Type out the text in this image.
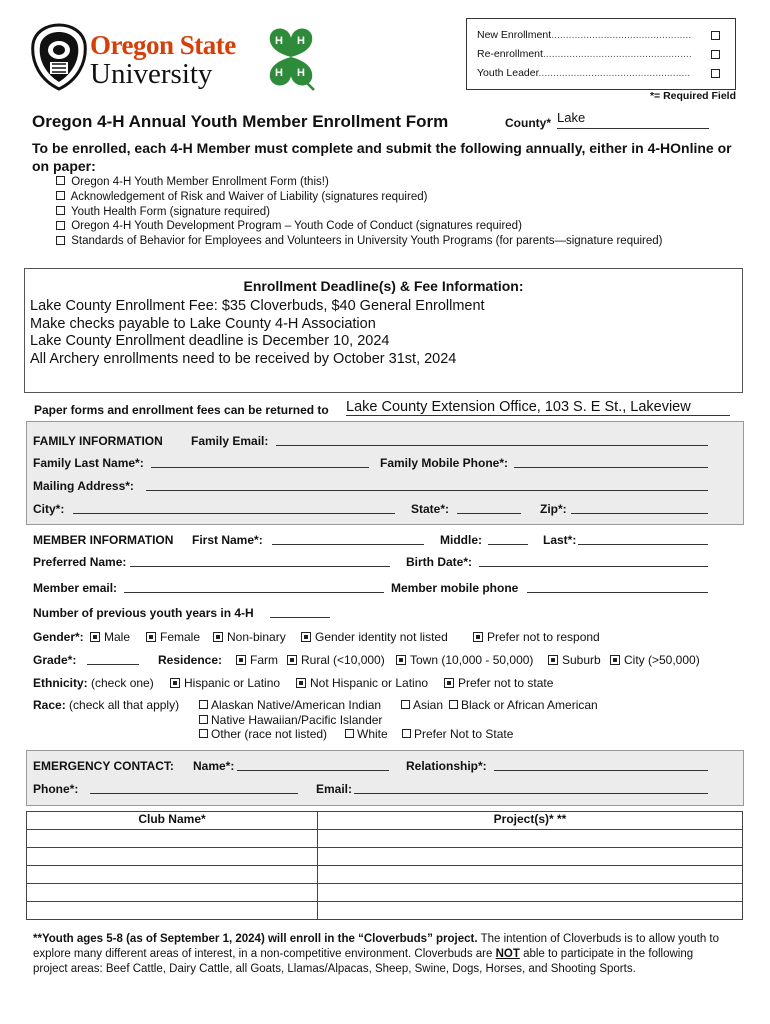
Oregon State
University
H H
H H
New Enrollment................................................
Re-enrollment...................................................
Youth Leader....................................................
*= Required Field
Oregon 4-H Annual Youth Member Enrollment Form	County* Lake
To be enrolled, each 4-H Member must complete and submit the following annually, either in 4-HOnline or on paper:
Oregon 4-H Youth Member Enrollment Form (this!)
Acknowledgement of Risk and Waiver of Liability (signatures required)
Youth Health Form (signature required)
Oregon 4-H Youth Development Program – Youth Code of Conduct (signatures required)
Standards of Behavior for Employees and Volunteers in University Youth Programs (for parents—signature required)
Enrollment Deadline(s) & Fee Information:
Lake County Enrollment Fee: $35 Cloverbuds, $40 General Enrollment
Make checks payable to Lake County 4-H Association
Lake County Enrollment deadline is December 10, 2024
All Archery enrollments need to be received by October 31st, 2024
Paper forms and enrollment fees can be returned to Lake County Extension Office, 103 S. E St., Lakeview
FAMILY INFORMATION Family Email:
Family Last Name*:	Family Mobile Phone*:
Mailing Address*:
City*:	State*:	Zip*:
MEMBER INFORMATION First Name*:	Middle:	Last*:
Preferred Name:	Birth Date*:
Member email:	Member mobile phone
Number of previous youth years in 4-H
Gender*:	Male	Female	Non-binary	Gender identity not listed	Prefer not to respond
Grade*:	Residence:	Farm	Rural (<10,000)	Town (10,000 - 50,000)	Suburb	City (>50,000)
Ethnicity: (check one)	Hispanic or Latino	Not Hispanic or Latino	Prefer not to state
Race: (check all that apply)	Alaskan Native/American Indian	Asian	Black or African American
Native Hawaiian/Pacific Islander
Other (race not listed)	White	Prefer Not to State
EMERGENCY CONTACT: Name*:	Relationship*:
Phone*:	Email:
Club Name*	Project(s)* **

**Youth ages 5-8 (as of September 1, 2024) will enroll in the “Cloverbuds” project. The intention of Cloverbuds is to allow youth to explore many different areas of interest, in a non-competitive environment. Cloverbuds are NOT able to participate in the following project areas: Beef Cattle, Dairy Cattle, all Goats, Llamas/Alpacas, Sheep, Swine, Dogs, Horses, and Shooting Sports.
